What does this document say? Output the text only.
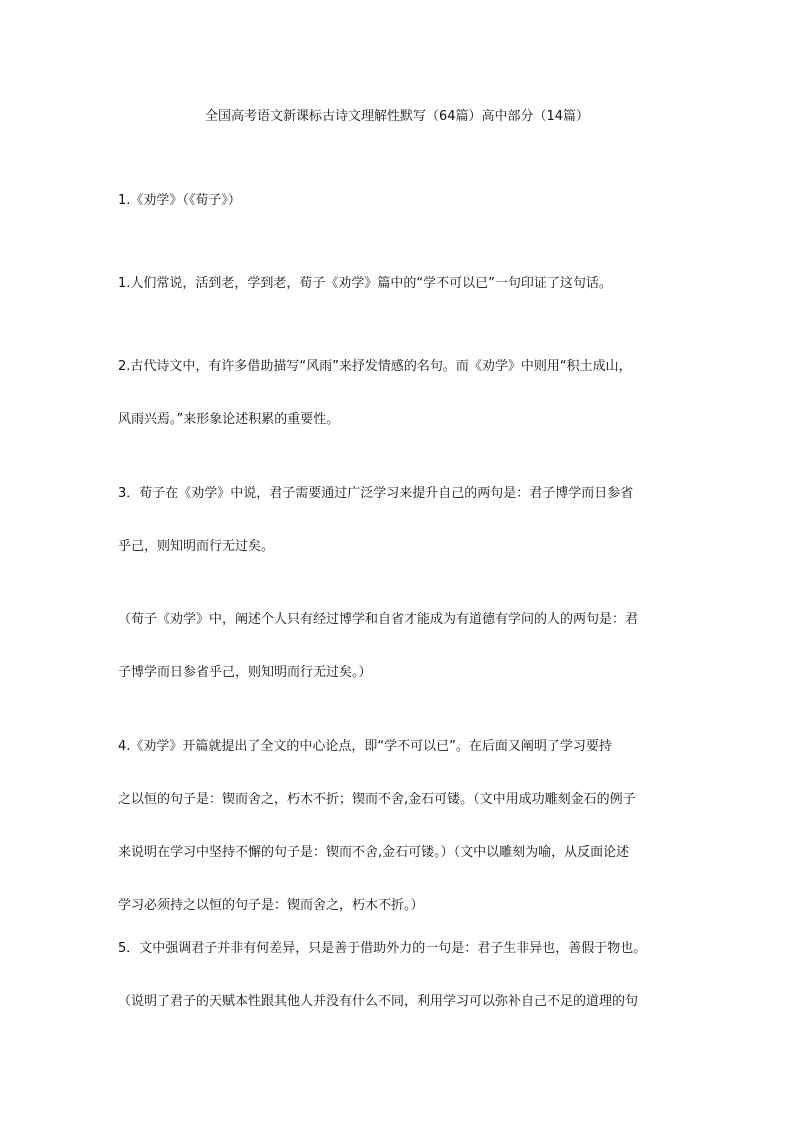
全国高考语文新课标古诗文理解性默写（64篇）高中部分（14篇）
1.《劝学》（《荀子》）
1.人们常说，活到老，学到老，荀子《劝学》篇中的“学不可以已”一句印证了这句话。
2.古代诗文中，有许多借助描写“风雨”来抒发情感的名句。而《劝学》中则用“积土成山，
风雨兴焉。”来形象论述积累的重要性。
3．荀子在《劝学》中说，君子需要通过广泛学习来提升自己的两句是：君子博学而日参省
乎己，则知明而行无过矣。
（荀子《劝学》中，阐述个人只有经过博学和自省才能成为有道德有学问的人的两句是：君
子博学而日参省乎己，则知明而行无过矣。）
4.《劝学》开篇就提出了全文的中心论点，即“学不可以已”。在后面又阐明了学习要持
之以恒的句子是：锲而舍之，朽木不折；锲而不舍,金石可镂。（文中用成功雕刻金石的例子
来说明在学习中坚持不懈的句子是：锲而不舍,金石可镂。）（文中以雕刻为喻，从反面论述
学习必须持之以恒的句子是：锲而舍之，朽木不折。）
5．文中强调君子并非有何差异，只是善于借助外力的一句是：君子生非异也，善假于物也。
（说明了君子的天赋本性跟其他人并没有什么不同，利用学习可以弥补自己不足的道理的句
